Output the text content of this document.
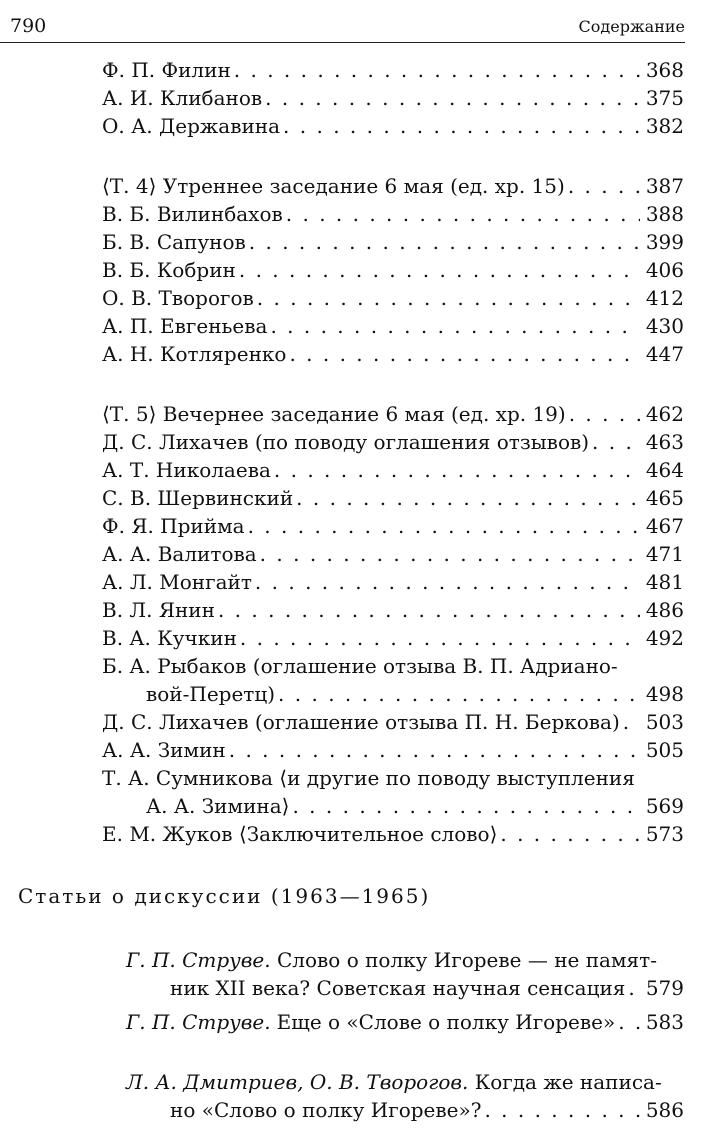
790	Содержание
Ф. П. Филин . . .	368
А. И. Клибанов . . .	375
О. А. Державина . . .	382
⟨Т. 4⟩ Утреннее заседание 6 мая (ед. хр. 15) . . .	387
В. Б. Вилинбахов . . .	388
Б. В. Сапунов . . .	399
В. Б. Кобрин . . .	406
О. В. Творогов . . .	412
А. П. Евгеньева . . .	430
А. Н. Котляренко . . .	447
⟨Т. 5⟩ Вечернее заседание 6 мая (ед. хр. 19) . . .	462
Д. С. Лихачев (по поводу оглашения отзывов) . . .	463
А. Т. Николаева . . .	464
С. В. Шервинский . . .	465
Ф. Я. Прийма . . .	467
А. А. Валитова . . .	471
А. Л. Монгайт . . .	481
В. Л. Янин . . .	486
В. А. Кучкин . . .	492
Б. А. Рыбаков (оглашение отзыва В. П. Адриано-
вой-Перетц) . . .	498
Д. С. Лихачев (оглашение отзыва П. Н. Беркова) . . . 503
А. А. Зимин . . .	505
Т. А. Сумникова ⟨и другие по поводу выступления
А. А. Зимина⟩ . . .	569
Е. М. Жуков ⟨Заключительное слово⟩ . . .	573
Г. П. Струве. Слово о полку Игореве — не памят-
ник XII века? Советская научная сенсация . . . 579
Г. П. Струве. Еще о «Слове о полку Игореве» . . . 583
Л. А. Дмитриев, О. В. Творогов. Когда же написа-
но «Слово о полку Игореве»? . . .	586
Статьи о дискуссии (1963—1965)
